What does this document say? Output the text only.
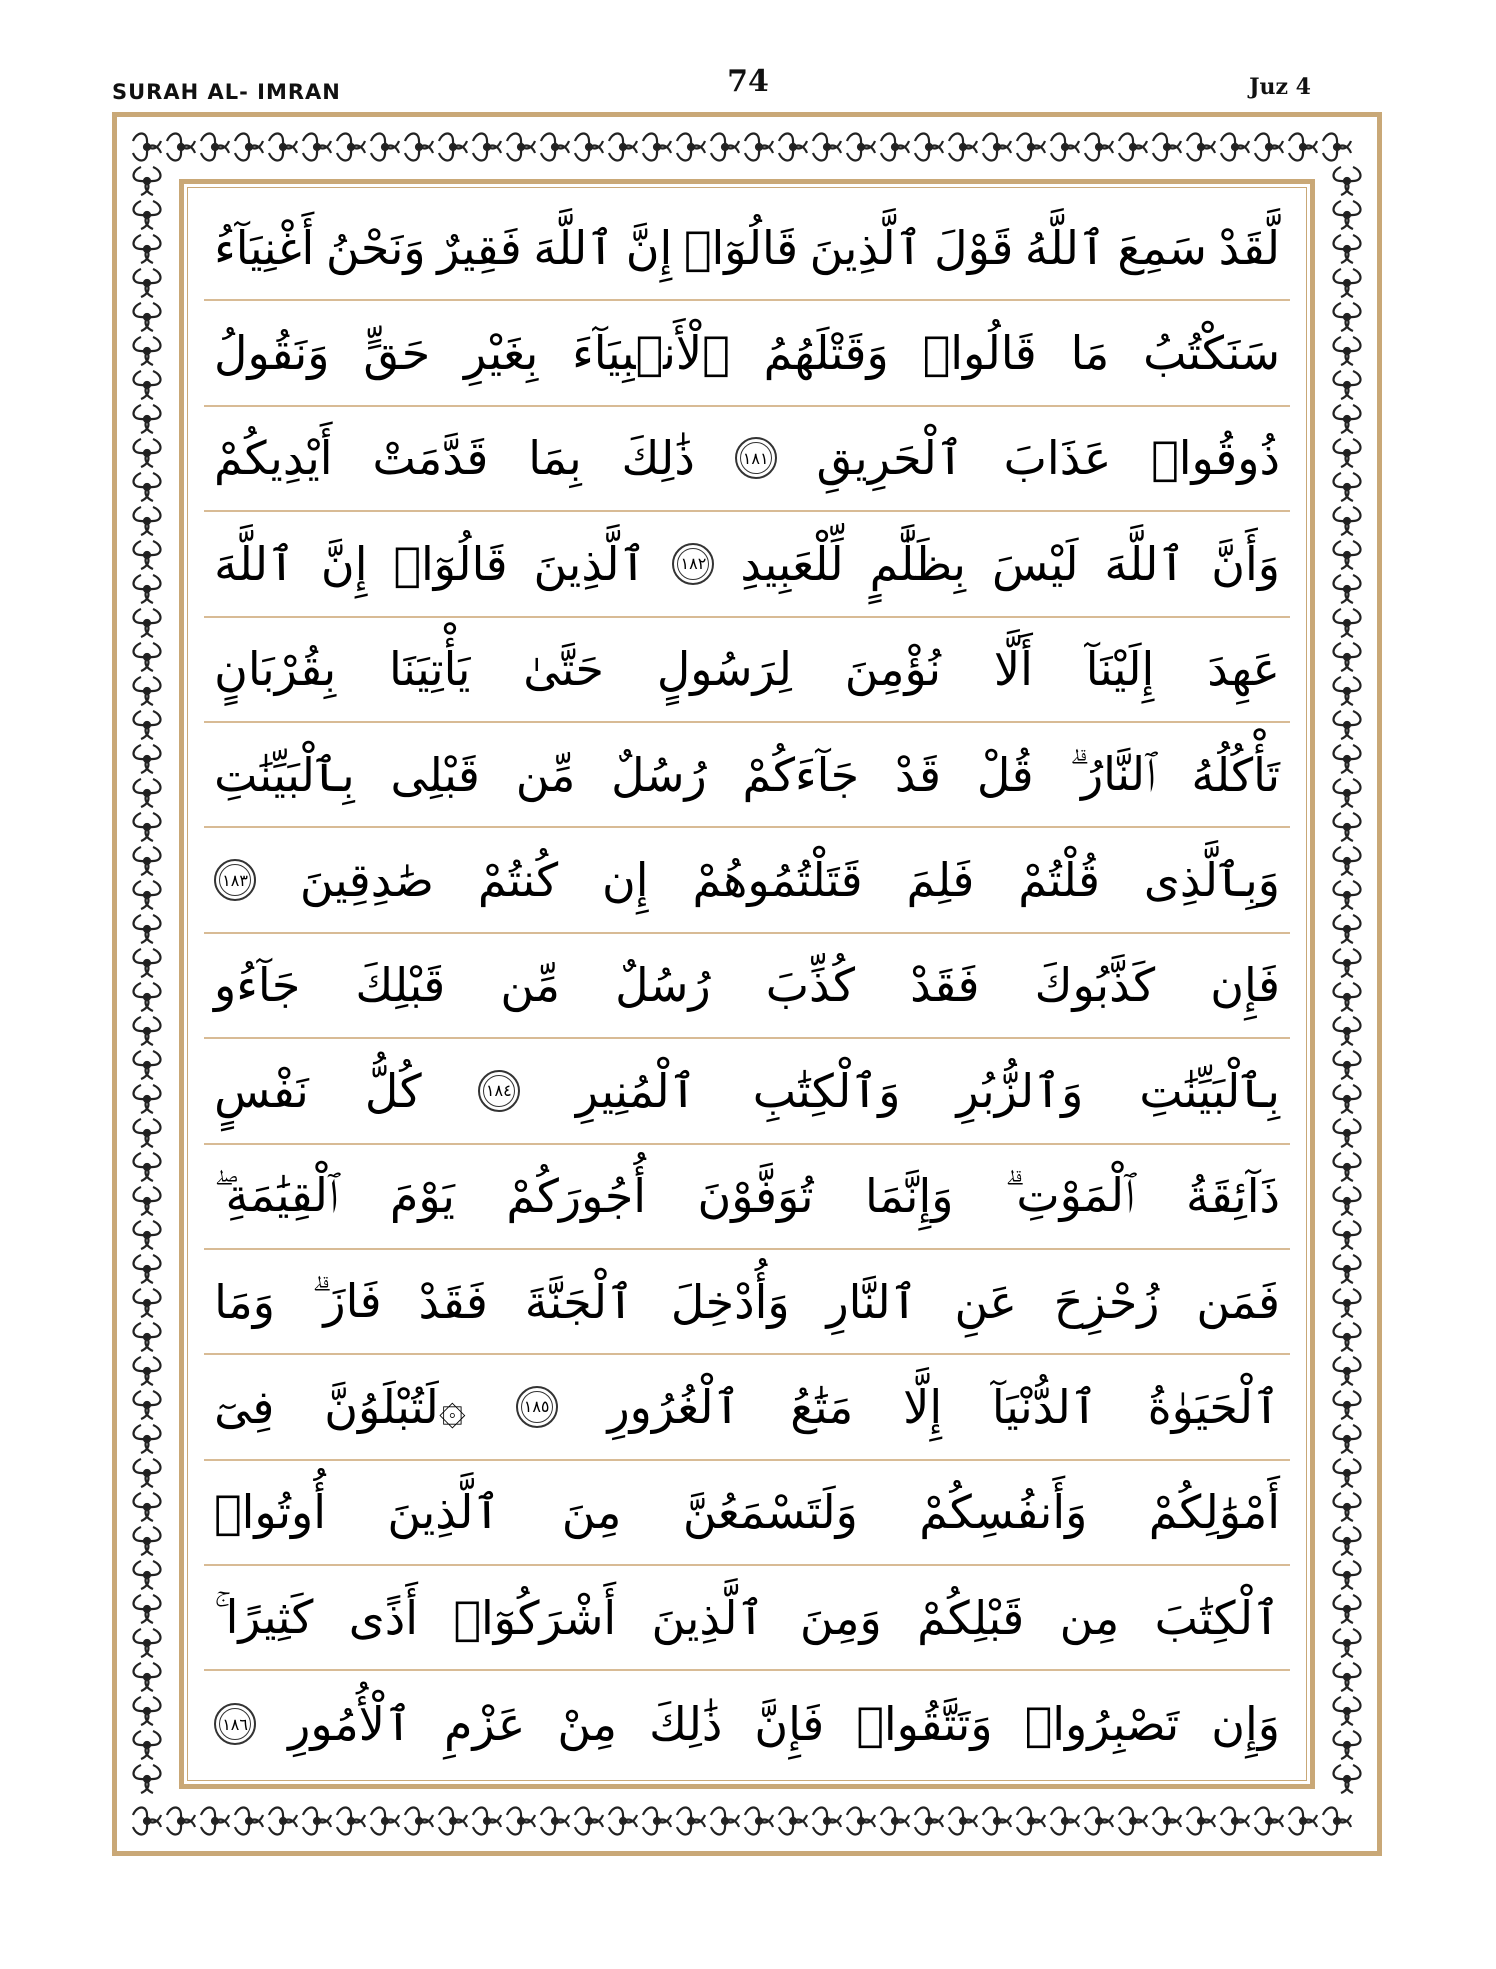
SURAH AL- IMRAN	74	Juz 4
لَّقَدْ
سَمِعَ
ٱللَّهُ
قَوْلَ
ٱلَّذِينَ
قَالُوٓا۟
إِنَّ
ٱللَّهَ
فَقِيرٌ
وَنَحْنُ
أَغْنِيَآءُ
سَنَكْتُبُ
مَا
قَالُوا۟
وَقَتْلَهُمُ
ٱلْأَنۢبِيَآءَ
بِغَيْرِ
حَقٍّ
وَنَقُولُ
ذُوقُوا۟
عَذَابَ
ٱلْحَرِيقِ
١٨١
ذَٰلِكَ
بِمَا
قَدَّمَتْ
أَيْدِيكُمْ
وَأَنَّ
ٱللَّهَ
لَيْسَ
بِظَلَّٰمٍ
لِّلْعَبِيدِ
١٨٢
ٱلَّذِينَ
قَالُوٓا۟
إِنَّ
ٱللَّهَ
عَهِدَ
إِلَيْنَآ
أَلَّا
نُؤْمِنَ
لِرَسُولٍ
حَتَّىٰ
يَأْتِيَنَا
بِقُرْبَانٍ
تَأْكُلُهُ
ٱلنَّارُ ۗ
قُلْ
قَدْ
جَآءَكُمْ
رُسُلٌ
مِّن
قَبْلِى
بِٱلْبَيِّنَٰتِ
وَبِٱلَّذِى
قُلْتُمْ
فَلِمَ
قَتَلْتُمُوهُمْ
إِن
كُنتُمْ
صَٰدِقِينَ
١٨٣
فَإِن
كَذَّبُوكَ
فَقَدْ
كُذِّبَ
رُسُلٌ
مِّن
قَبْلِكَ
جَآءُو
بِٱلْبَيِّنَٰتِ
وَٱلزُّبُرِ
وَٱلْكِتَٰبِ
ٱلْمُنِيرِ
١٨٤
كُلُّ
نَفْسٍ
ذَآئِقَةُ
ٱلْمَوْتِ ۗ
وَإِنَّمَا
تُوَفَّوْنَ
أُجُورَكُمْ
يَوْمَ
ٱلْقِيَٰمَةِ ۖ
فَمَن
زُحْزِحَ
عَنِ
ٱلنَّارِ
وَأُدْخِلَ
ٱلْجَنَّةَ
فَقَدْ
فَازَ ۗ
وَمَا
ٱلْحَيَوٰةُ
ٱلدُّنْيَآ
إِلَّا
مَتَٰعُ
ٱلْغُرُورِ
١٨٥
۞لَتُبْلَوُنَّ
فِىٓ
أَمْوَٰلِكُمْ
وَأَنفُسِكُمْ
وَلَتَسْمَعُنَّ
مِنَ
ٱلَّذِينَ
أُوتُوا۟
ٱلْكِتَٰبَ
مِن
قَبْلِكُمْ
وَمِنَ
ٱلَّذِينَ
أَشْرَكُوٓا۟
أَذًى
كَثِيرًا ۚ
وَإِن
تَصْبِرُوا۟
وَتَتَّقُوا۟
فَإِنَّ
ذَٰلِكَ
مِنْ
عَزْمِ
ٱلْأُمُورِ
١٨٦
